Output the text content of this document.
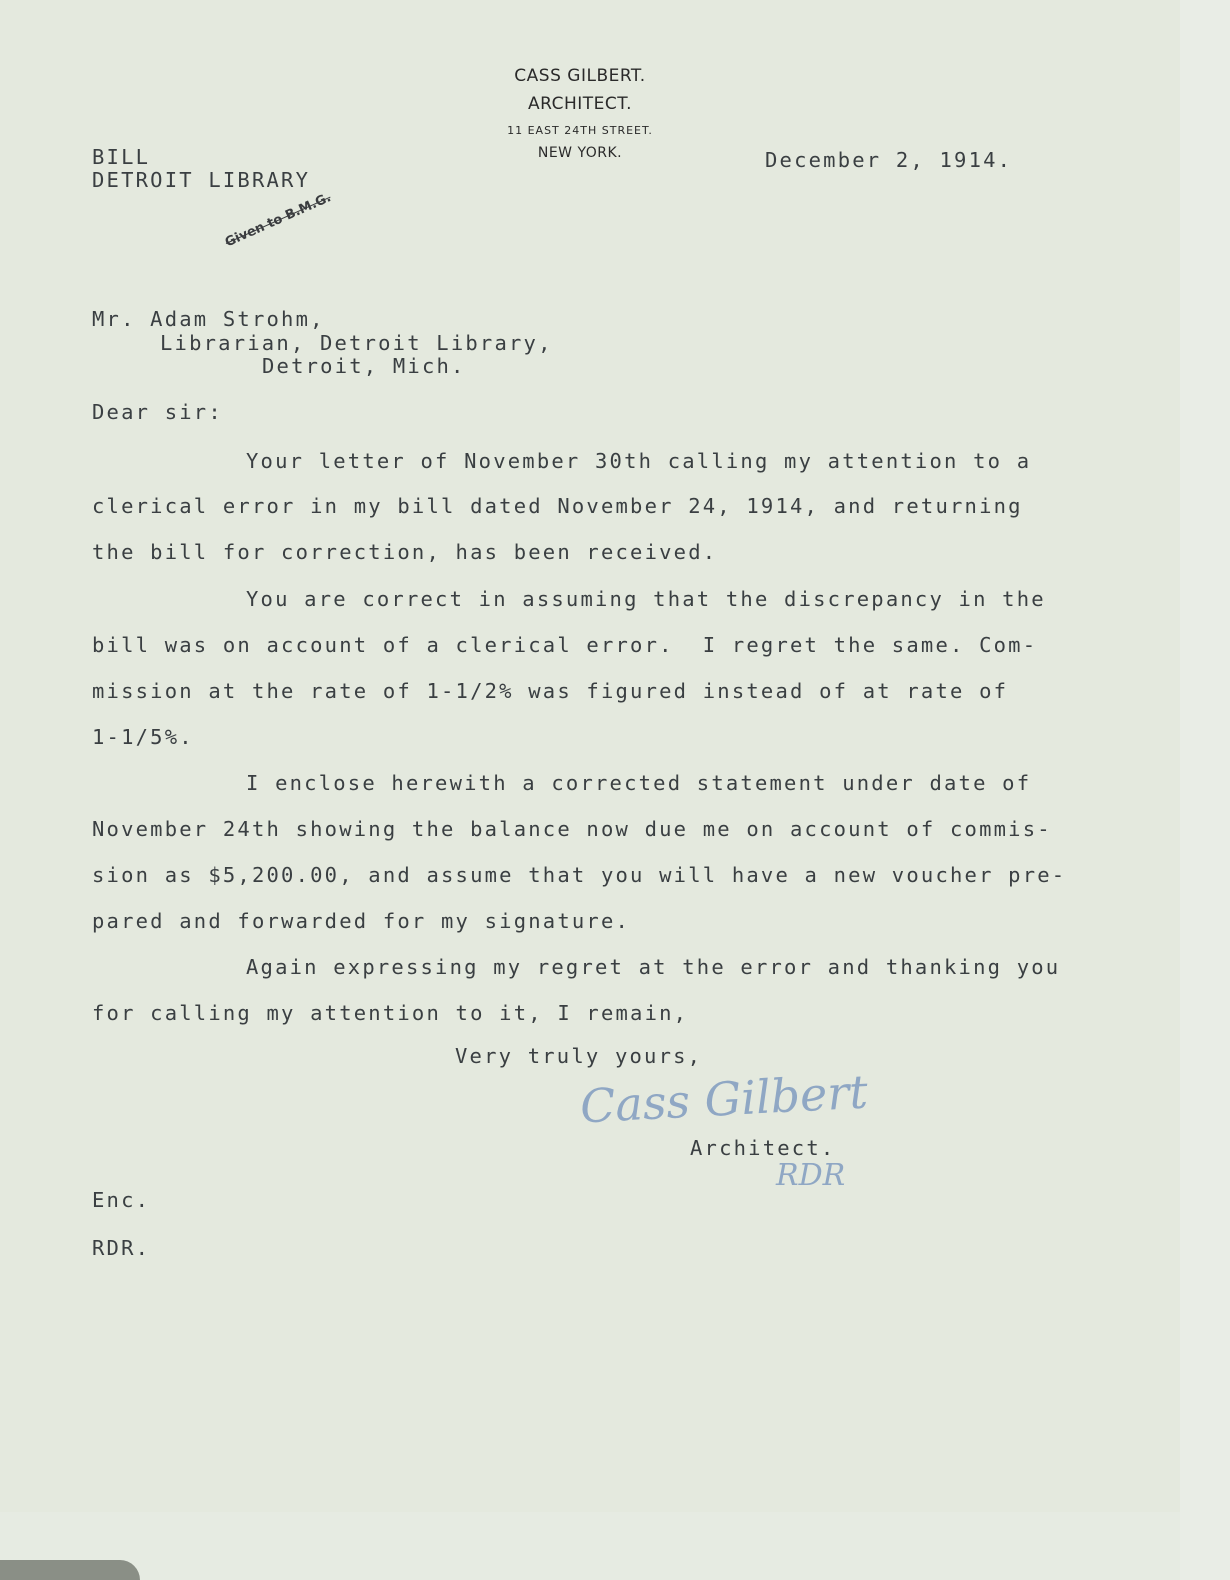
CASS GILBERT.
ARCHITECT.
11 EAST 24TH STREET.
NEW YORK.
BILL
DETROIT LIBRARY
December 2, 1914.
Given to B.M.G.
Mr. Adam Strohm,
Librarian, Detroit Library,
Detroit, Mich.
Dear sir:
Your letter of November 30th calling my attention to a
clerical error in my bill dated November 24, 1914, and returning
the bill for correction, has been received.
You are correct in assuming that the discrepancy in the
bill was on account of a clerical error.  I regret the same. Com-
mission at the rate of 1-1/2% was figured instead of at rate of
1-1/5%.
I enclose herewith a corrected statement under date of
November 24th showing the balance now due me on account of commis-
sion as $5,200.00, and assume that you will have a new voucher pre-
pared and forwarded for my signature.
Again expressing my regret at the error and thanking you
for calling my attention to it, I remain,
Very truly yours,
Cass Gilbert
Architect.
RDR
Enc.
RDR.
